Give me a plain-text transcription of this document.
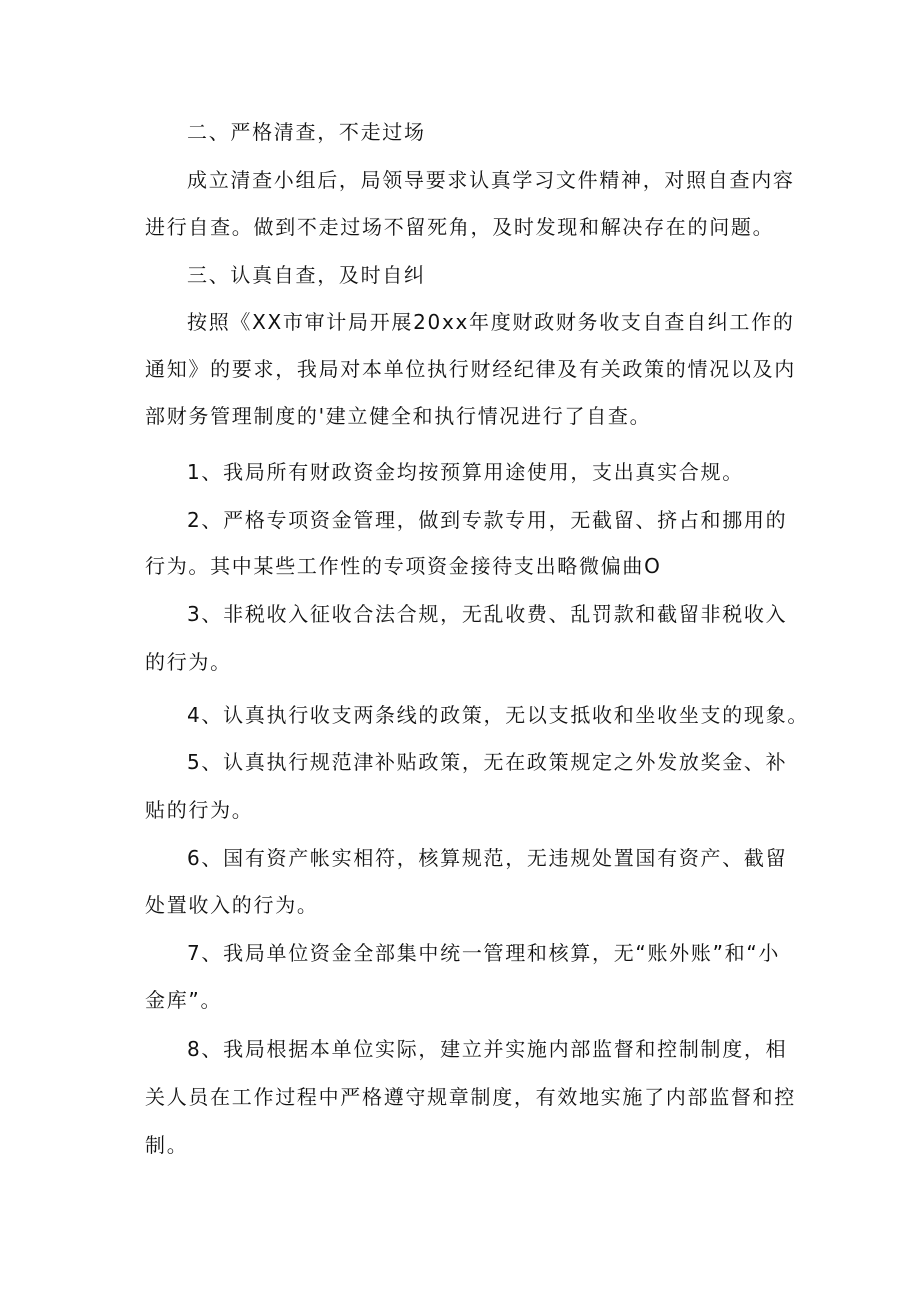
二、严格清查，不走过场
成立清查小组后，局领导要求认真学习文件精神，对照自查内容
进行自查。做到不走过场不留死角，及时发现和解决存在的问题。
三、认真自查，及时自纠
按照《XX市审计局开展20xx年度财政财务收支自查自纠工作的
通知》的要求，我局对本单位执行财经纪律及有关政策的情况以及内
部财务管理制度的'建立健全和执行情况进行了自查。
1、我局所有财政资金均按预算用途使用，支出真实合规。
2、严格专项资金管理，做到专款专用，无截留、挤占和挪用的
行为。其中某些工作性的专项资金接待支出略微偏曲O
3、非税收入征收合法合规，无乱收费、乱罚款和截留非税收入
的行为。
4、认真执行收支两条线的政策，无以支抵收和坐收坐支的现象。
5、认真执行规范津补贴政策，无在政策规定之外发放奖金、补
贴的行为。
6、国有资产帐实相符，核算规范，无违规处置国有资产、截留
处置收入的行为。
7、我局单位资金全部集中统一管理和核算，无“账外账”和“小
金库”。
8、我局根据本单位实际，建立并实施内部监督和控制制度，相
关人员在工作过程中严格遵守规章制度，有效地实施了内部监督和控
制。
